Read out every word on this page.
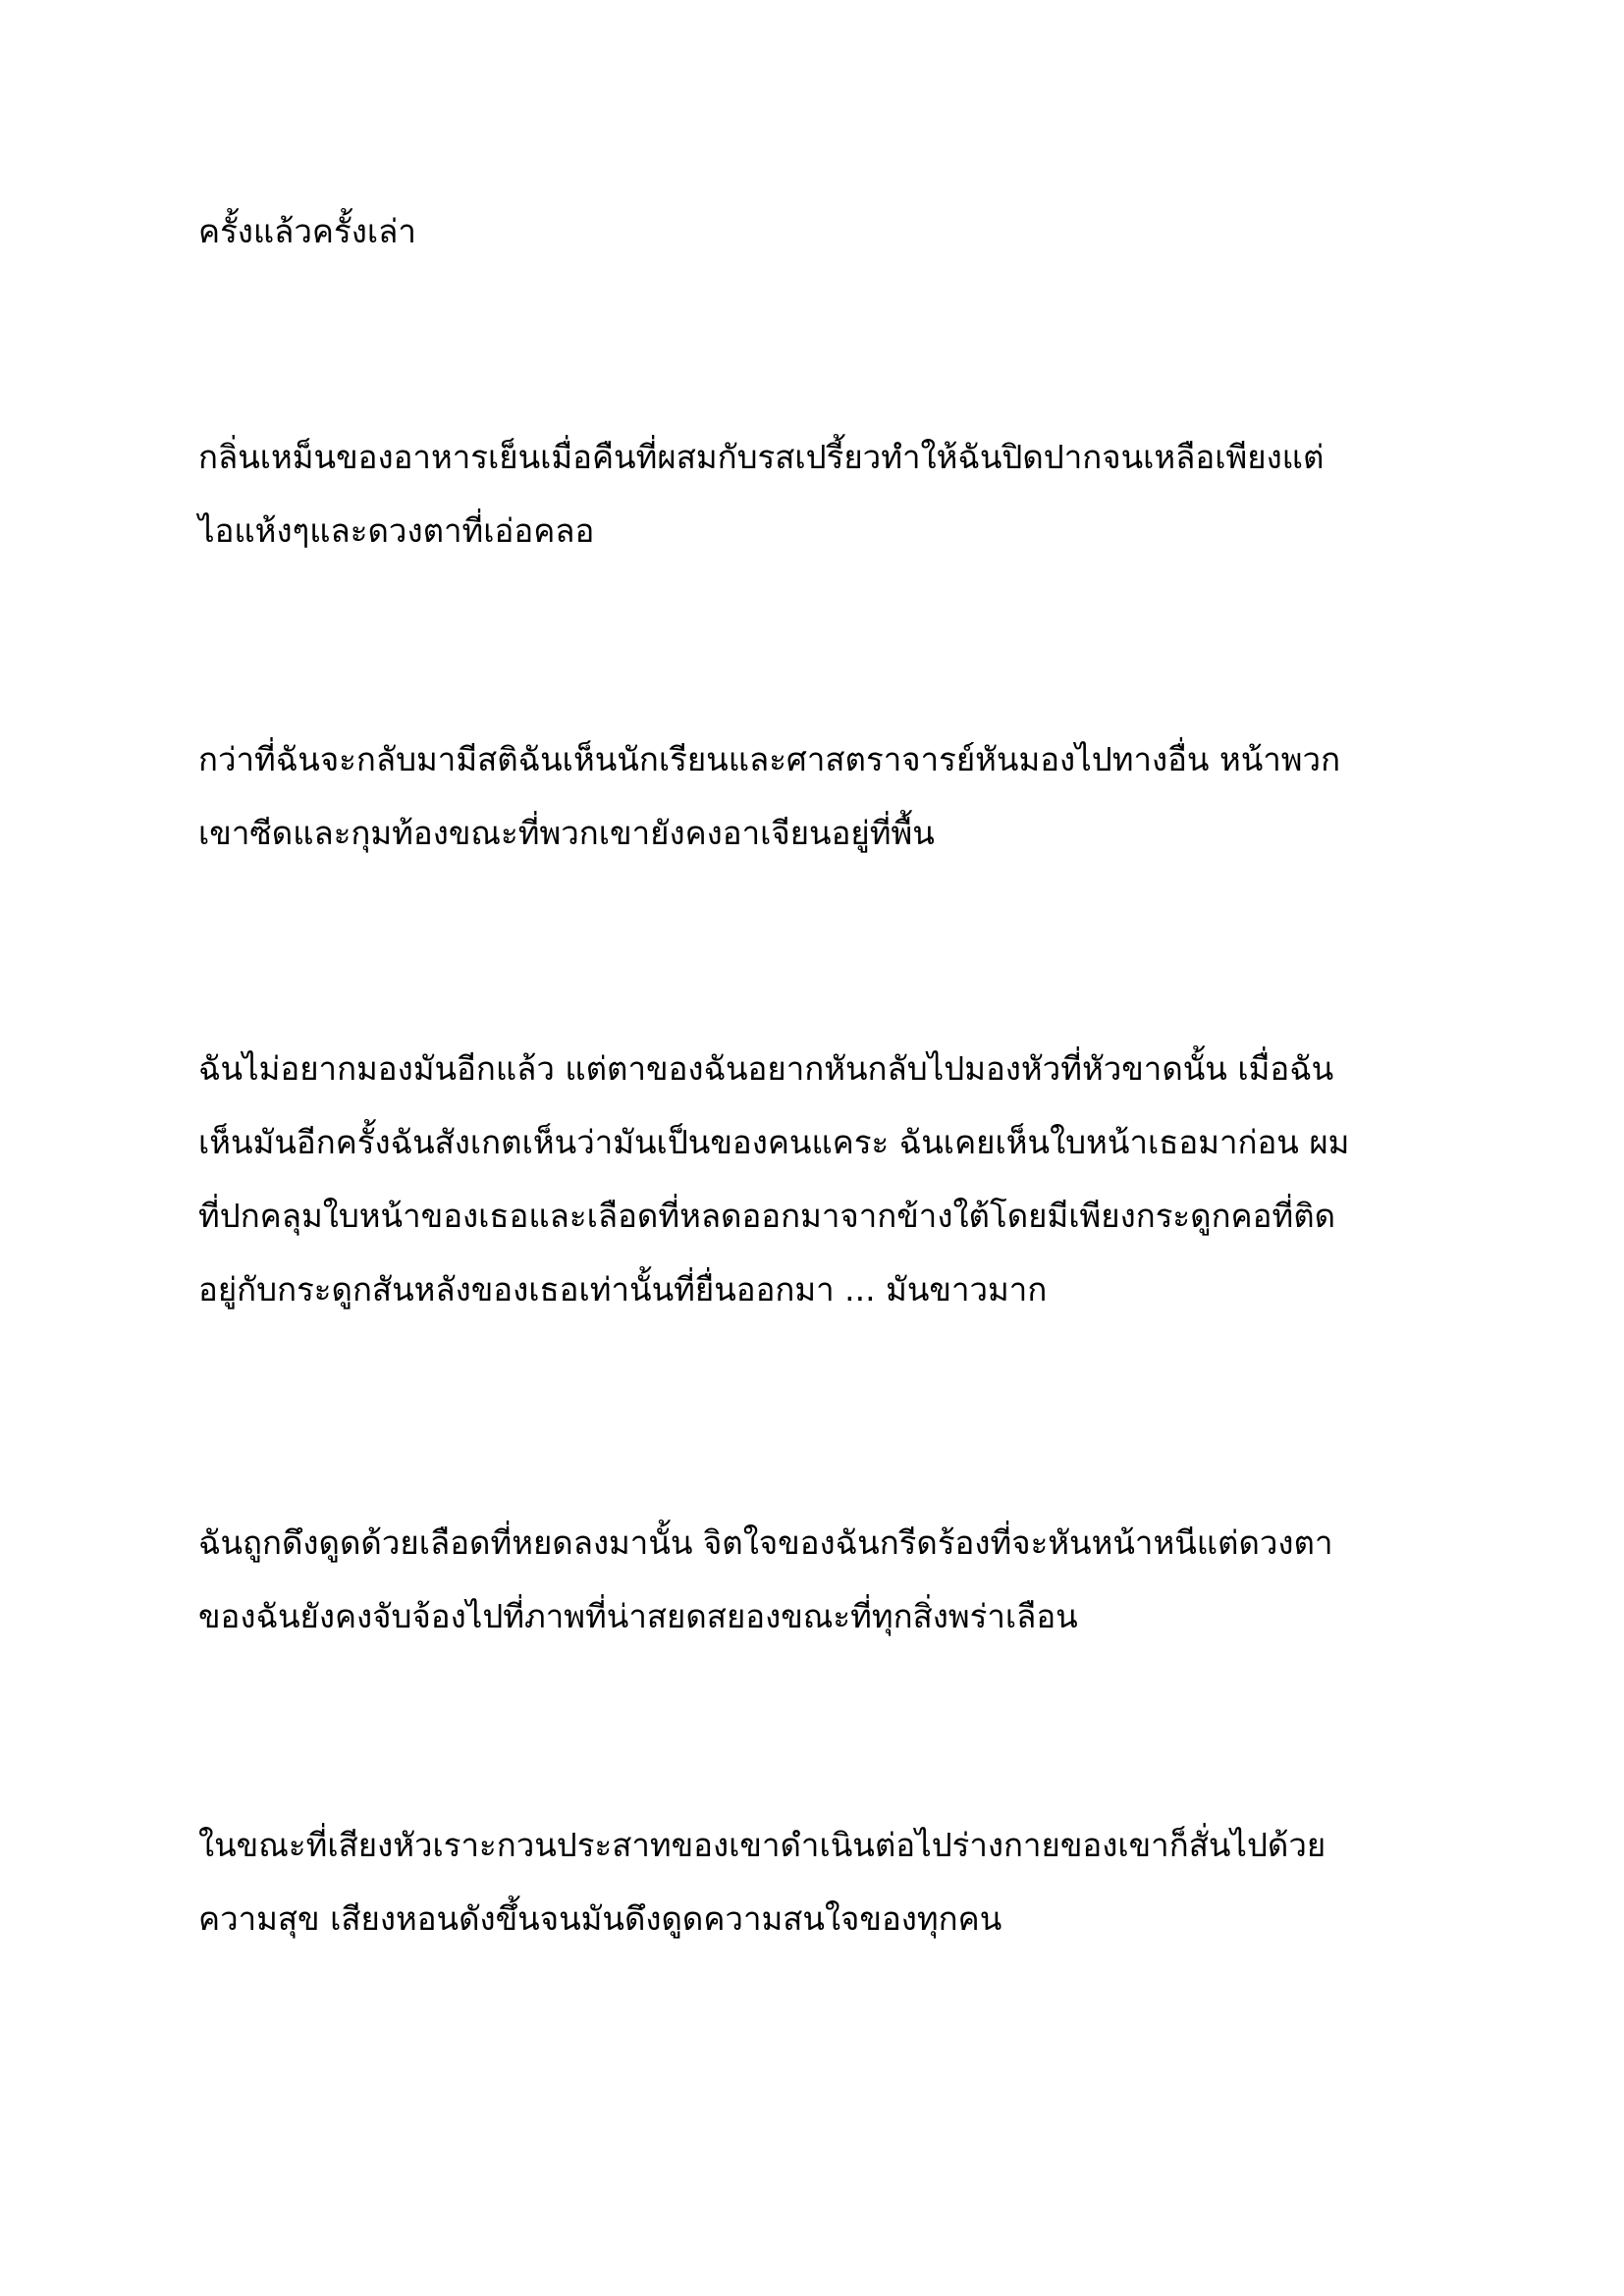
ครั้งแล้วครั้งเล่า

กลิ่นเหม็นของอาหารเย็นเมื่อคืนที่ผสมกับรสเปรี้ยวทำให้ฉันปิดปากจนเหลือเพียงแต่
ไอแห้งๆและดวงตาที่เอ่อคลอ

กว่าที่ฉันจะกลับมามีสติฉันเห็นนักเรียนและศาสตราจารย์หันมองไปทางอื่น หน้าพวก
เขาซีดและกุมท้องขณะที่พวกเขายังคงอาเจียนอยู่ที่พื้น

ฉันไม่อยากมองมันอีกแล้ว แต่ตาของฉันอยากหันกลับไปมองหัวที่หัวขาดนั้น เมื่อฉัน
เห็นมันอีกครั้งฉันสังเกตเห็นว่ามันเป็นของคนแคระ ฉันเคยเห็นใบหน้าเธอมาก่อน ผม
ที่ปกคลุมใบหน้าของเธอและเลือดที่หลดออกมาจากข้างใต้โดยมีเพียงกระดูกคอที่ติด
อยู่กับกระดูกสันหลังของเธอเท่านั้นที่ยื่นออกมา ... มันขาวมาก

ฉันถูกดึงดูดด้วยเลือดที่หยดลงมานั้น จิตใจของฉันกรีดร้องที่จะหันหน้าหนีแต่ดวงตา
ของฉันยังคงจับจ้องไปที่ภาพที่น่าสยดสยองขณะที่ทุกสิ่งพร่าเลือน

ในขณะที่เสียงหัวเราะกวนประสาทของเขาดำเนินต่อไปร่างกายของเขาก็สั่นไปด้วย
ความสุข เสียงหอนดังขึ้นจนมันดึงดูดความสนใจของทุกคน
